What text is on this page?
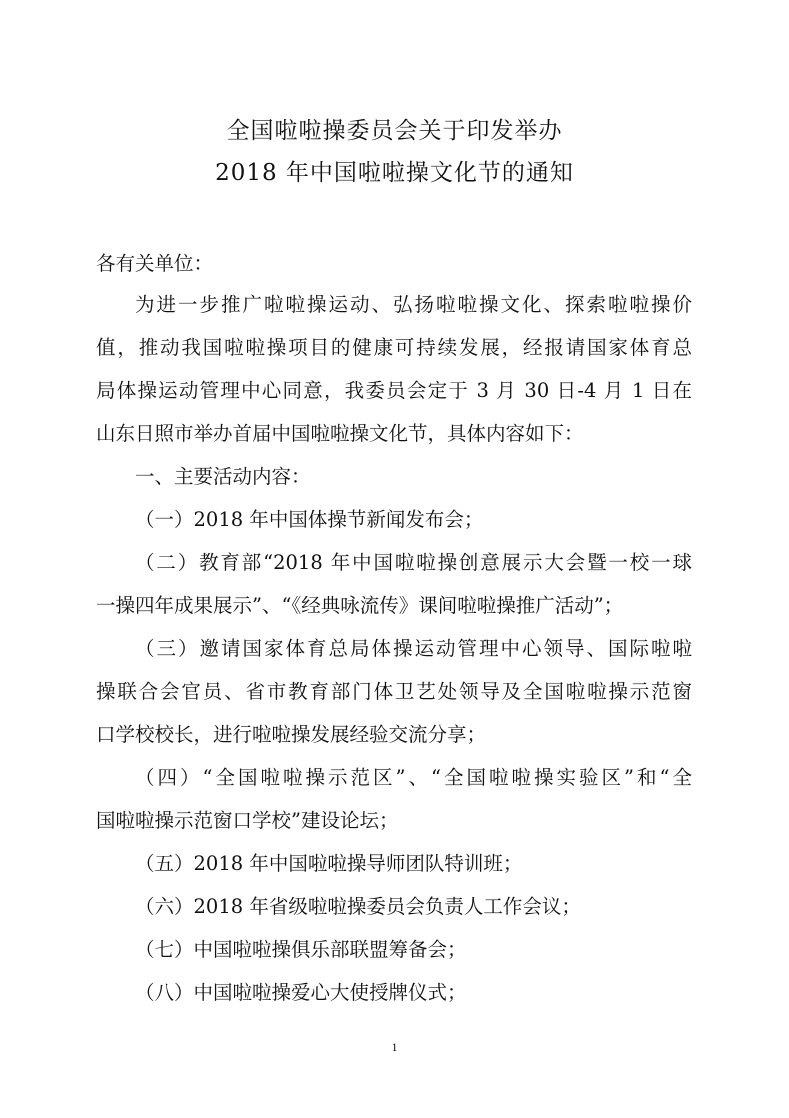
全国啦啦操委员会关于印发举办
2018 年中国啦啦操文化节的通知
各有关单位：
为进一步推广啦啦操运动、弘扬啦啦操文化、探索啦啦操价
值，推动我国啦啦操项目的健康可持续发展，经报请国家体育总
局体操运动管理中心同意，我委员会定于 3 月 30 日-4 月 1 日在
山东日照市举办首届中国啦啦操文化节，具体内容如下：
一、主要活动内容：
（一）2018 年中国体操节新闻发布会；
（二）教育部“2018 年中国啦啦操创意展示大会暨一校一球
一操四年成果展示”、“《经典咏流传》课间啦啦操推广活动”；
（三）邀请国家体育总局体操运动管理中心领导、国际啦啦
操联合会官员、省市教育部门体卫艺处领导及全国啦啦操示范窗
口学校校长，进行啦啦操发展经验交流分享；
（四）“全国啦啦操示范区”、“全国啦啦操实验区”和“全
国啦啦操示范窗口学校”建设论坛；
（五）2018 年中国啦啦操导师团队特训班；
（六）2018 年省级啦啦操委员会负责人工作会议；
（七）中国啦啦操俱乐部联盟筹备会；
（八）中国啦啦操爱心大使授牌仪式；
1
